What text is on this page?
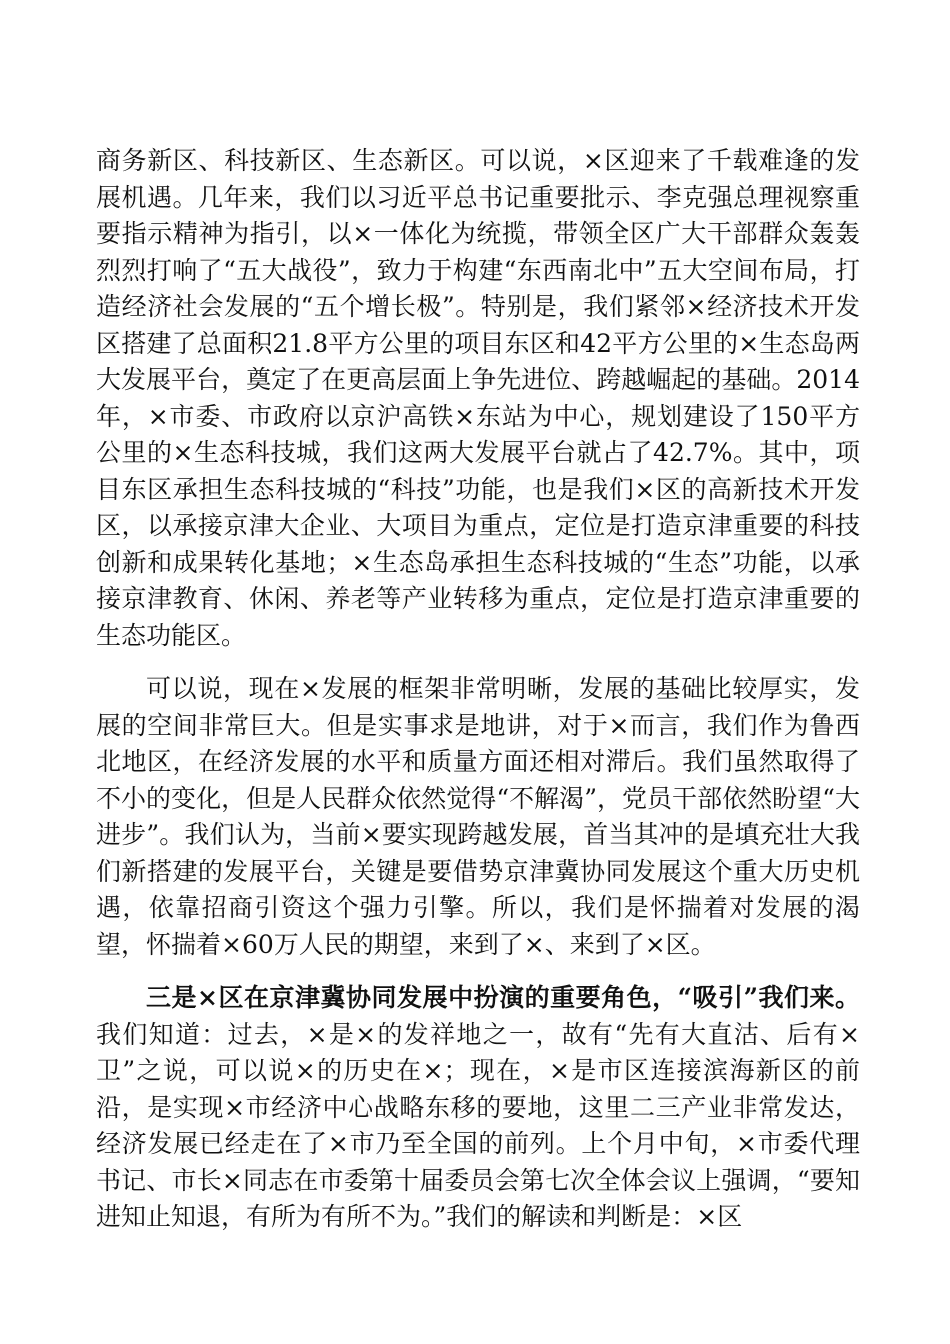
商务新区、科技新区、生态新区。可以说，×区迎来了千载难逢的发展机遇。几年来，我们以习近平总书记重要批示、李克强总理视察重要指示精神为指引，以×一体化为统揽，带领全区广大干部群众轰轰烈烈打响了“五大战役”，致力于构建“东西南北中”五大空间布局，打造经济社会发展的“五个增长极”。特别是，我们紧邻×经济技术开发区搭建了总面积21.8平方公里的项目东区和42平方公里的×生态岛两大发展平台，奠定了在更高层面上争先进位、跨越崛起的基础。2014年，×市委、市政府以京沪高铁×东站为中心，规划建设了150平方公里的×生态科技城，我们这两大发展平台就占了42.7%。其中，项目东区承担生态科技城的“科技”功能，也是我们×区的高新技术开发区，以承接京津大企业、大项目为重点，定位是打造京津重要的科技创新和成果转化基地；×生态岛承担生态科技城的“生态”功能，以承接京津教育、休闲、养老等产业转移为重点，定位是打造京津重要的生态功能区。

可以说，现在×发展的框架非常明晰，发展的基础比较厚实，发展的空间非常巨大。但是实事求是地讲，对于×而言，我们作为鲁西北地区，在经济发展的水平和质量方面还相对滞后。我们虽然取得了不小的变化，但是人民群众依然觉得“不解渴”，党员干部依然盼望“大进步”。我们认为，当前×要实现跨越发展，首当其冲的是填充壮大我们新搭建的发展平台，关键是要借势京津冀协同发展这个重大历史机遇，依靠招商引资这个强力引擎。所以，我们是怀揣着对发展的渴望，怀揣着×60万人民的期望，来到了×、来到了×区。

三是×区在京津冀协同发展中扮演的重要角色，“吸引”我们来。我们知道：过去，×是×的发祥地之一，故有“先有大直沽、后有×卫”之说，可以说×的历史在×；现在，×是市区连接滨海新区的前沿，是实现×市经济中心战略东移的要地，这里二三产业非常发达，经济发展已经走在了×市乃至全国的前列。上个月中旬，×市委代理书记、市长×同志在市委第十届委员会第七次全体会议上强调，“要知进知止知退，有所为有所不为。”我们的解读和判断是：×区
